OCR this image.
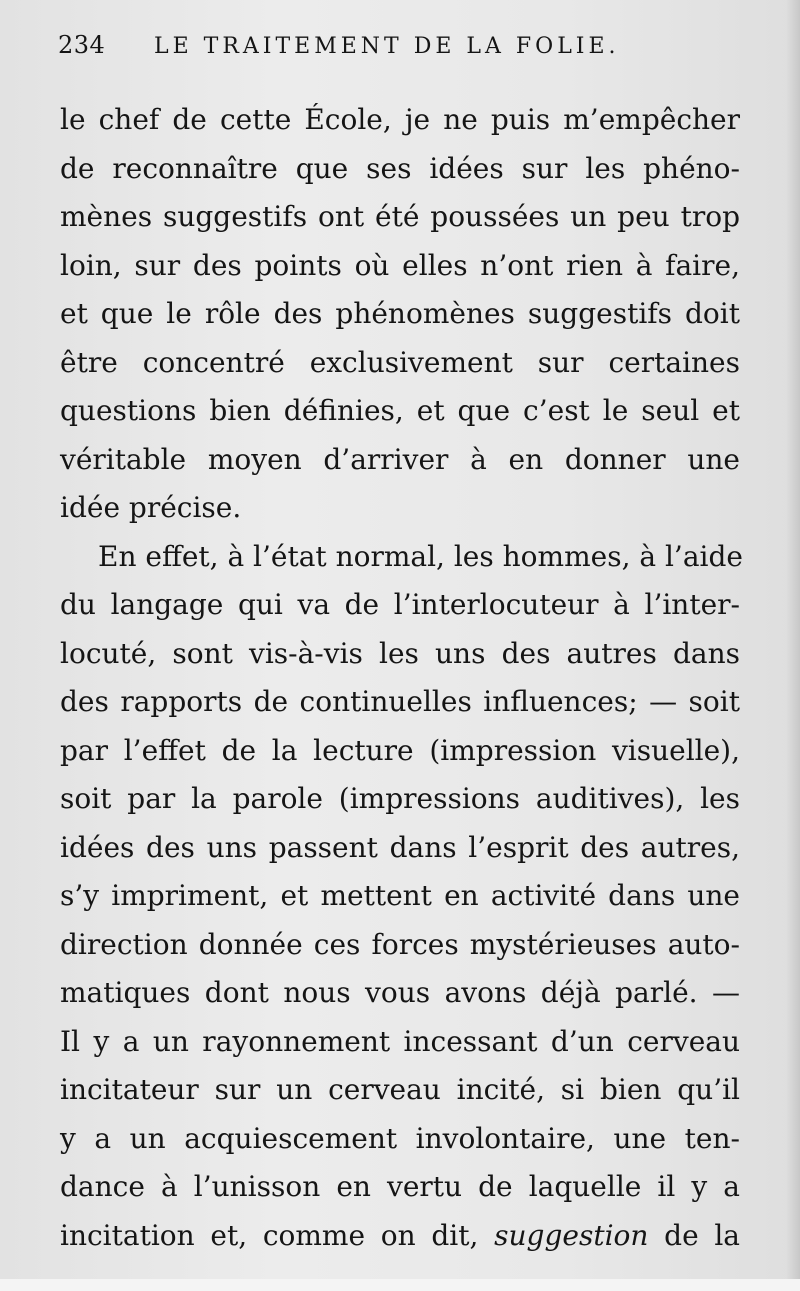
234 LE TRAITEMENT DE LA FOLIE.
le chef de cette École, je ne puis m’empêcher
de reconnaître que ses idées sur les phéno-
mènes suggestifs ont été poussées un peu trop
loin, sur des points où elles n’ont rien à faire,
et que le rôle des phénomènes suggestifs doit
être concentré exclusivement sur certaines
questions bien définies, et que c’est le seul et
véritable moyen d’arriver à en donner une
idée précise.
En effet, à l’état normal, les hommes, à l’aide
du langage qui va de l’interlocuteur à l’inter-
locuté, sont vis-à-vis les uns des autres dans
des rapports de continuelles influences; — soit
par l’effet de la lecture (impression visuelle),
soit par la parole (impressions auditives), les
idées des uns passent dans l’esprit des autres,
s’y impriment, et mettent en activité dans une
direction donnée ces forces mystérieuses auto-
matiques dont nous vous avons déjà parlé. —
Il y a un rayonnement incessant d’un cerveau
incitateur sur un cerveau incité, si bien qu’il
y a un acquiescement involontaire, une ten-
dance à l’unisson en vertu de laquelle il y a
incitation et, comme on dit, suggestion de la
